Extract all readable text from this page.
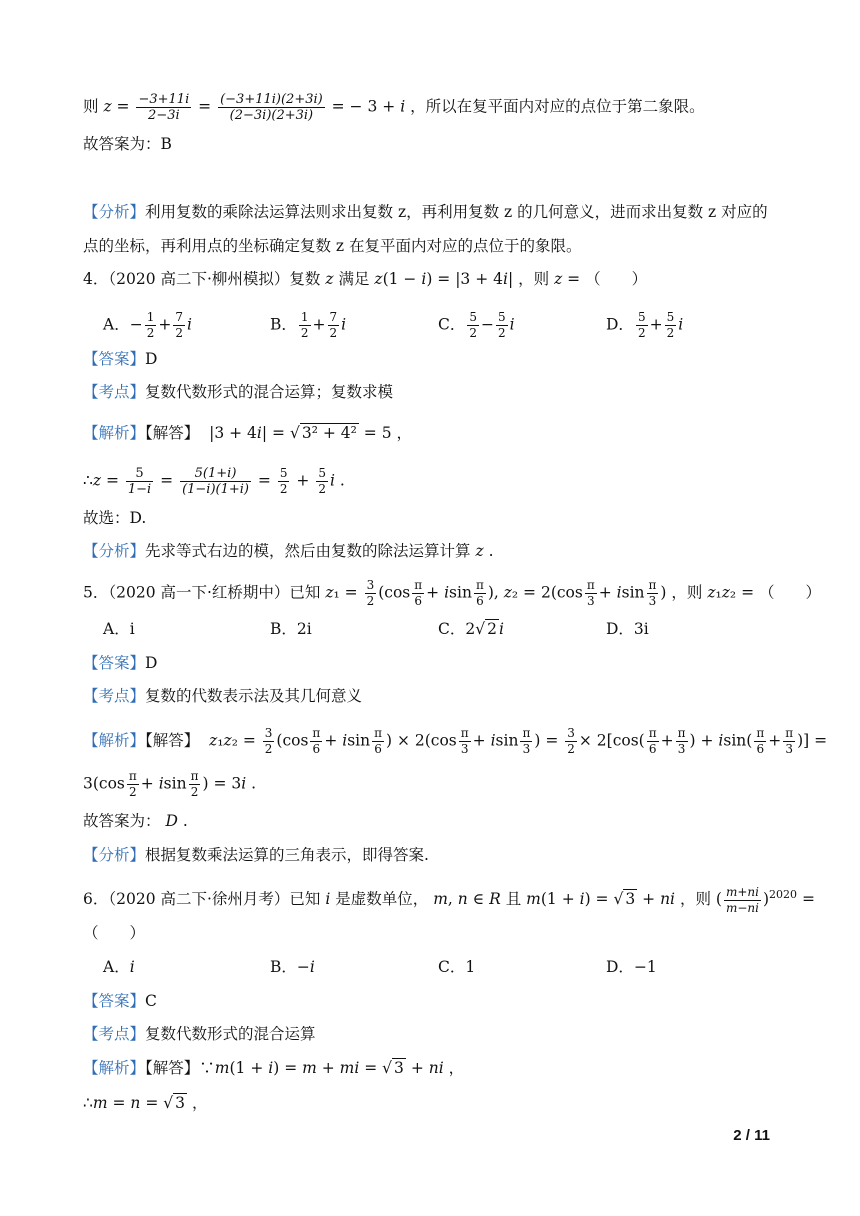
则 $z = \frac{-3+11i}{2-3i} = \frac{(-3+11i)(2+3i)}{(2-3i)(2+3i)}$ = − 3 + i ，所以在复平面内对应的点位于第二象限。
故答案为：B
【分析】利用复数的乘除法运算法则求出复数 z，再利用复数 z 的几何意义，进而求出复数 z 对应的
点的坐标，再利用点的坐标确定复数 z 在复平面内对应的点位于的象限。
4．（2020 高二下·柳州模拟）复数 z 满足 z(1 − i) = |3 + 4i| ，则 z = （　　）
A．− $\frac{1}{2} + \frac{7}{2}$ i	B． $\frac{1}{2} + \frac{7}{2}$ i	C． $\frac{5}{2} - \frac{5}{2}$ i	D． $\frac{5}{2} + \frac{5}{2}$ i
【答案】D
【考点】复数代数形式的混合运算；复数求模
【解析】【解答】  |3 + 4i| = √ 3² + 4² = 5 ，
∴z = $\frac{5}{1-i} = \frac{5(1+i)}{(1-i)(1+i)} = \frac{5}{2} + \frac{5}{2}$ i .
故选：D.
【分析】先求等式右边的模，然后由复数的除法运算计算 z .
5．（2020 高一下·红桥期中）已知 $z_1 = \frac{3}{2} (\cos \frac{\pi}{6} + isin \frac{\pi}{6}$ ), $z_2 = 2(\cos \frac{\pi}{3} + isin \frac{\pi}{3}$ ) ，则 z₁z₂ = （　　）
A．i	B．2i	C．2√ 2 i	D．3i
【答案】D
【考点】复数的代数表示法及其几何意义
【解析】【解答】 $z_1z_2 = \frac{3}{2} (\cos \frac{\pi}{6} + isin \frac{\pi}{6}$ ) × $2(\cos \frac{\pi}{3} + isin \frac{\pi}{3}$ ) = $\frac{3}{2} \times 2[\cos( \frac{\pi}{6} + \frac{\pi}{3}$ ) + $isin( \frac{\pi}{6} + \frac{\pi}{3}$ )] =
$3(\cos \frac{\pi}{2} + isin \frac{\pi}{2}$ ) = 3i .
故答案为： D .
【分析】根据复数乘法运算的三角表示，即得答案.
6．（2020 高二下·徐州月考）已知 i 是虚数单位， m, n ∈ R 且 m(1 + i) = √ 3 + ni ，则 ( $\frac{m+ni}{m-ni} )^{2020}$ =
（　　）
A．i	B．−i	C．1	D．−1
【答案】C
【考点】复数代数形式的混合运算
【解析】【解答】∵m(1 + i) = m + mi = √ 3 + ni ，
∴m = n = √ 3 ，
2 / 11
